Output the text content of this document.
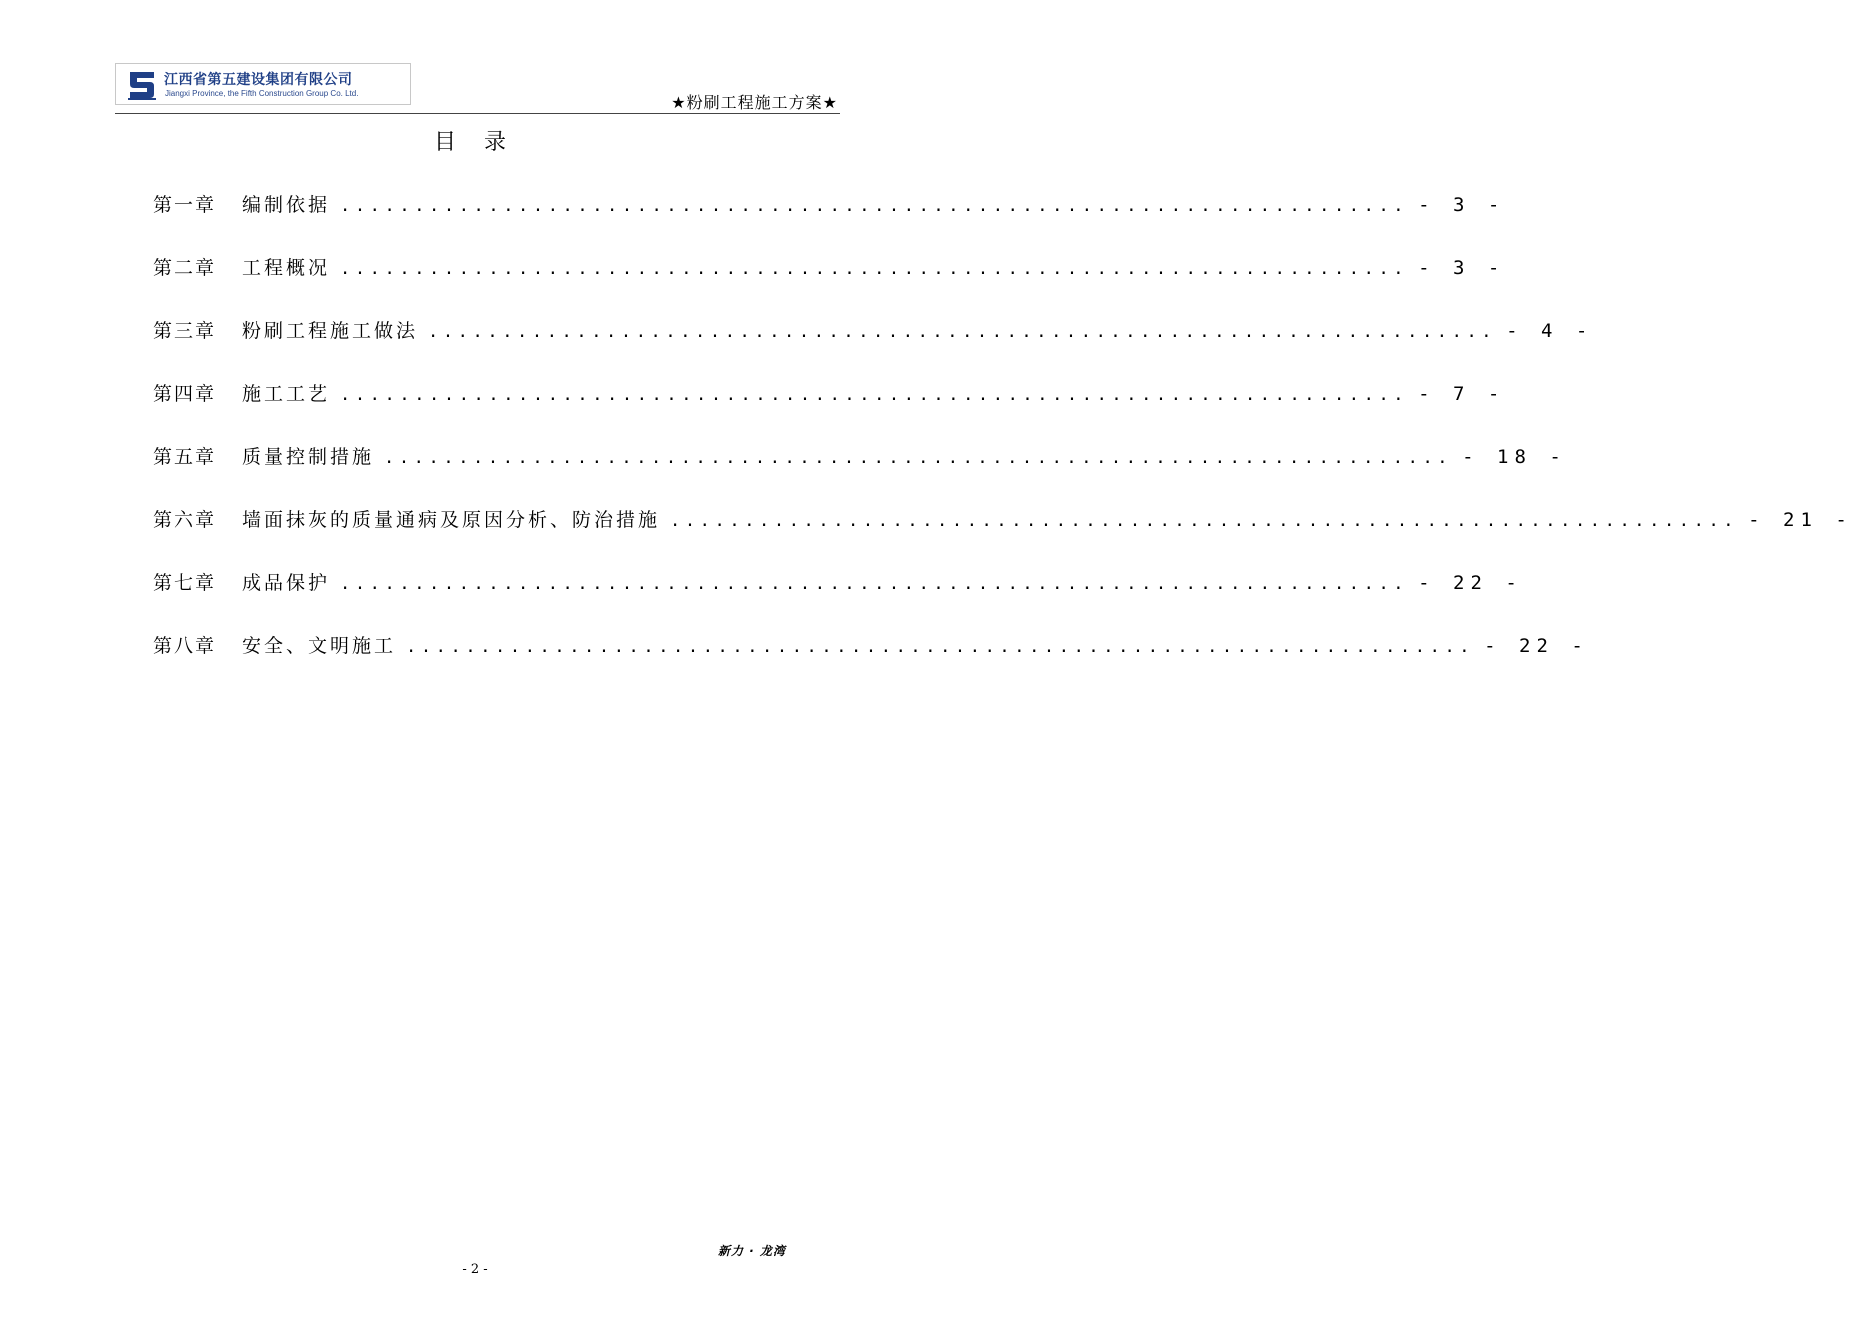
江西省第五建设集团有限公司
Jiangxi Province, the Fifth Construction Group Co. Ltd.	★粉刷工程施工方案★
目录
第一章	编制依据 ........................................................................ - 3 -
第二章	工程概况 ........................................................................ - 3 -
第三章	粉刷工程施工做法 ........................................................................ - 4 -
第四章	施工工艺 ........................................................................ - 7 -
第五章	质量控制措施 ........................................................................ - 18 -
第六章	墙面抹灰的质量通病及原因分析、防治措施 ........................................................................ - 21 -
第七章	成品保护 ........................................................................ - 22 -
第八章	安全、文明施工 ........................................................................ - 22 -
新力 · 龙湾
- 2 -
